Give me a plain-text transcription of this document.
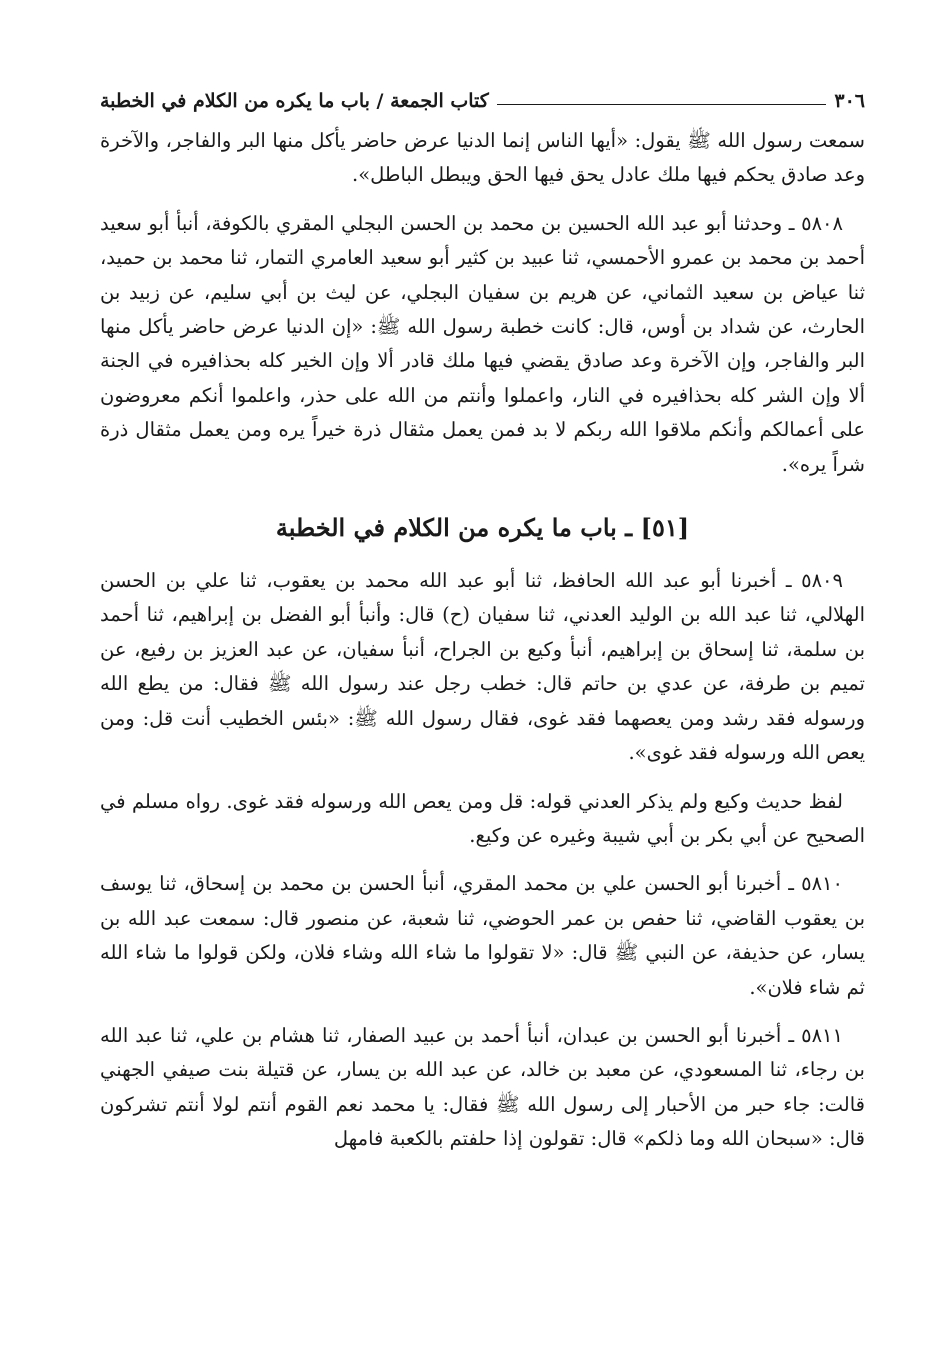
٣٠٦
كتاب الجمعة / باب ما يكره من الكلام في الخطبة

سمعت رسول الله ﷺ يقول: «أيها الناس إنما الدنيا عرض حاضر يأكل منها البر والفاجر، والآخرة وعد صادق يحكم فيها ملك عادل يحق فيها الحق ويبطل الباطل».

٥٨٠٨ ـ وحدثنا أبو عبد الله الحسين بن محمد بن الحسن البجلي المقري بالكوفة، أنبأ أبو سعيد أحمد بن محمد بن عمرو الأحمسي، ثنا عبيد بن كثير أبو سعيد العامري التمار، ثنا محمد بن حميد، ثنا عياض بن سعيد الثماني، عن هريم بن سفيان البجلي، عن ليث بن أبي سليم، عن زبيد بن الحارث، عن شداد بن أوس، قال: كانت خطبة رسول الله ﷺ: «إن الدنيا عرض حاضر يأكل منها البر والفاجر، وإن الآخرة وعد صادق يقضي فيها ملك قادر ألا وإن الخير كله بحذافيره في الجنة ألا وإن الشر كله بحذافيره في النار، واعملوا وأنتم من الله على حذر، واعلموا أنكم معروضون على أعمالكم وأنكم ملاقوا الله ربكم لا بد فمن يعمل مثقال ذرة خيراً يره ومن يعمل مثقال ذرة شراً يره».

[٥١] ـ باب ما يكره من الكلام في الخطبة

٥٨٠٩ ـ أخبرنا أبو عبد الله الحافظ، ثنا أبو عبد الله محمد بن يعقوب، ثنا علي بن الحسن الهلالي، ثنا عبد الله بن الوليد العدني، ثنا سفيان (ح) قال: وأنبأ أبو الفضل بن إبراهيم، ثنا أحمد بن سلمة، ثنا إسحاق بن إبراهيم، أنبأ وكيع بن الجراح، أنبأ سفيان، عن عبد العزيز بن رفيع، عن تميم بن طرفة، عن عدي بن حاتم قال: خطب رجل عند رسول الله ﷺ فقال: من يطع الله ورسوله فقد رشد ومن يعصهما فقد غوى، فقال رسول الله ﷺ: «بئس الخطيب أنت قل: ومن يعص الله ورسوله فقد غوى».

لفظ حديث وكيع ولم يذكر العدني قوله: قل ومن يعص الله ورسوله فقد غوى. رواه مسلم في الصحيح عن أبي بكر بن أبي شيبة وغيره عن وكيع.

٥٨١٠ ـ أخبرنا أبو الحسن علي بن محمد المقري، أنبأ الحسن بن محمد بن إسحاق، ثنا يوسف بن يعقوب القاضي، ثنا حفص بن عمر الحوضي، ثنا شعبة، عن منصور قال: سمعت عبد الله بن يسار، عن حذيفة، عن النبي ﷺ قال: «لا تقولوا ما شاء الله وشاء فلان، ولكن قولوا ما شاء الله ثم شاء فلان».

٥٨١١ ـ أخبرنا أبو الحسن بن عبدان، أنبأ أحمد بن عبيد الصفار، ثنا هشام بن علي، ثنا عبد الله بن رجاء، ثنا المسعودي، عن معبد بن خالد، عن عبد الله بن يسار، عن قتيلة بنت صيفي الجهني قالت: جاء حبر من الأحبار إلى رسول الله ﷺ فقال: يا محمد نعم القوم أنتم لولا أنتم تشركون قال: «سبحان الله وما ذلكم» قال: تقولون إذا حلفتم بالكعبة فامهل
